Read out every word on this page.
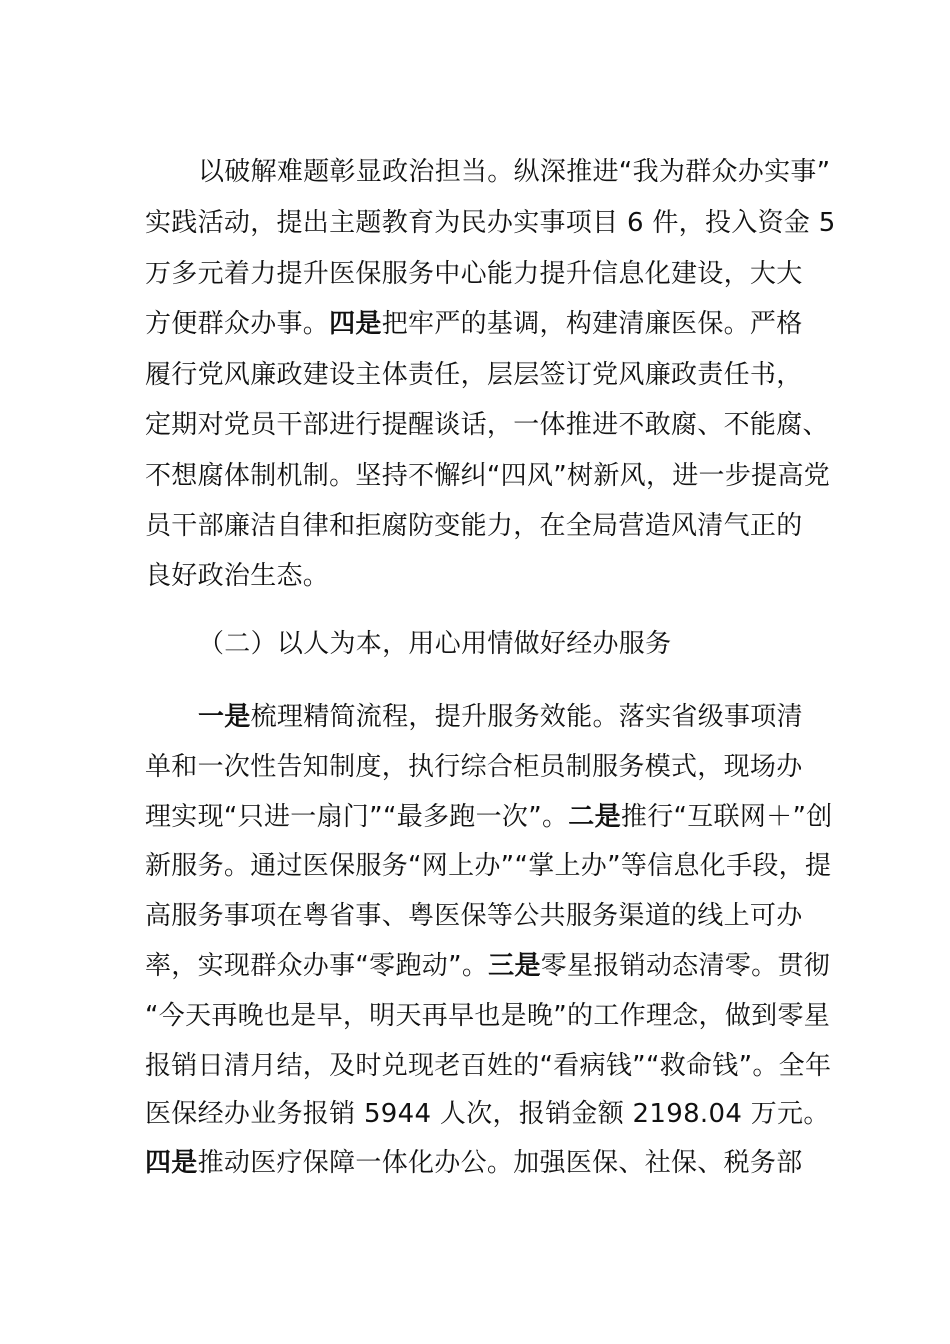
以破解难题彰显政治担当。纵深推进“我为群众办实事”
实践活动，提出主题教育为民办实事项目 6 件，投入资金 5
万多元着力提升医保服务中心能力提升信息化建设，大大
方便群众办事。四是把牢严的基调，构建清廉医保。严格
履行党风廉政建设主体责任，层层签订党风廉政责任书，
定期对党员干部进行提醒谈话，一体推进不敢腐、不能腐、
不想腐体制机制。坚持不懈纠“四风”树新风，进一步提高党
员干部廉洁自律和拒腐防变能力，在全局营造风清气正的
良好政治生态。
（二）以人为本，用心用情做好经办服务
一是梳理精简流程，提升服务效能。落实省级事项清
单和一次性告知制度，执行综合柜员制服务模式，现场办
理实现“只进一扇门”“最多跑一次”。二是推行“互联网＋”创
新服务。通过医保服务“网上办”“掌上办”等信息化手段，提
高服务事项在粤省事、粤医保等公共服务渠道的线上可办
率，实现群众办事“零跑动”。三是零星报销动态清零。贯彻
“今天再晚也是早，明天再早也是晚”的工作理念，做到零星
报销日清月结，及时兑现老百姓的“看病钱”“救命钱”。全年
医保经办业务报销 5944 人次，报销金额 2198.04 万元。
四是推动医疗保障一体化办公。加强医保、社保、税务部
